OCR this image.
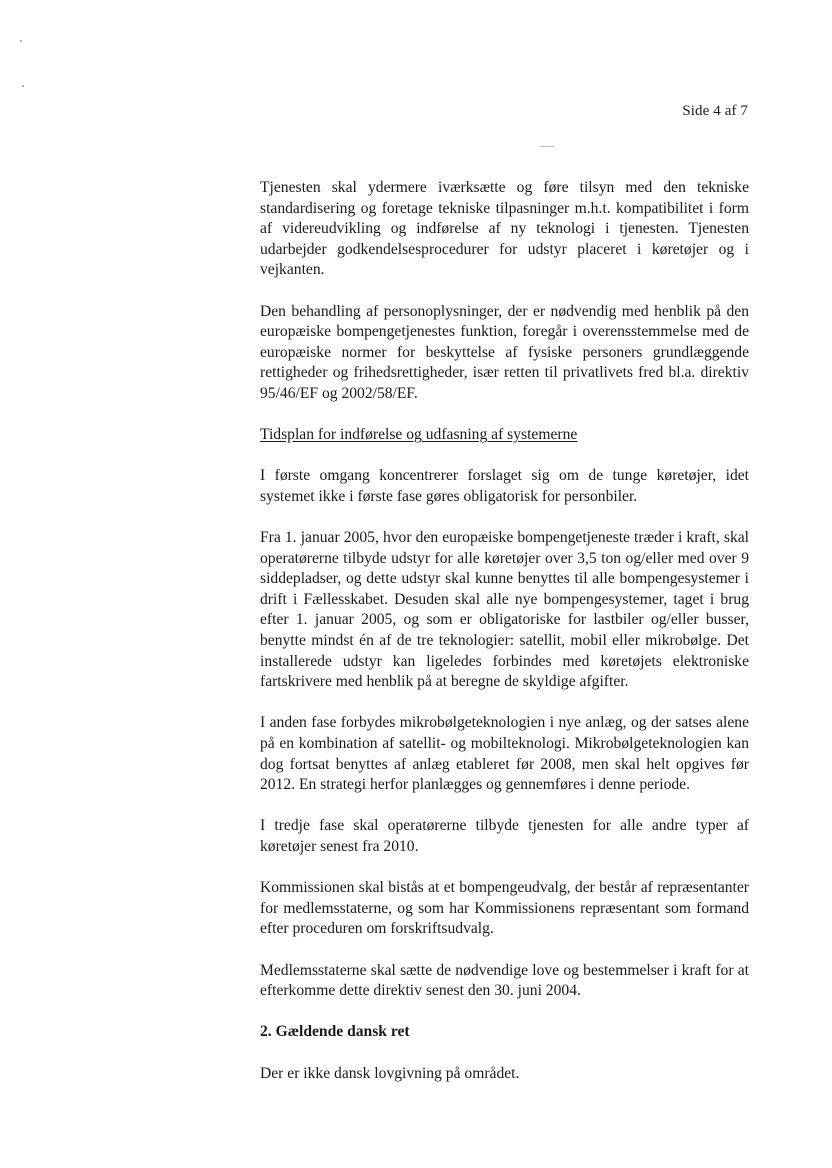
Side 4 af 7

Tjenesten skal ydermere iværksætte og føre tilsyn med den tekniske standardisering og foretage tekniske tilpasninger m.h.t. kompatibilitet i form af videreudvikling og indførelse af ny teknologi i tjenesten. Tjenesten udarbejder godkendelsesprocedurer for udstyr placeret i køretøjer og i vejkanten.

Den behandling af personoplysninger, der er nødvendig med henblik på den europæiske bompengetjenestes funktion, foregår i overensstemmelse med de europæiske normer for beskyttelse af fysiske personers grundlæggende rettigheder og frihedsrettigheder, især retten til privatlivets fred bl.a. direktiv 95/46/EF og 2002/58/EF.

Tidsplan for indførelse og udfasning af systemerne

I første omgang koncentrerer forslaget sig om de tunge køretøjer, idet systemet ikke i første fase gøres obligatorisk for personbiler.

Fra 1. januar 2005, hvor den europæiske bompengetjeneste træder i kraft, skal operatørerne tilbyde udstyr for alle køretøjer over 3,5 ton og/eller med over 9 siddepladser, og dette udstyr skal kunne benyttes til alle bompengesystemer i drift i Fællesskabet. Desuden skal alle nye bompengesystemer, taget i brug efter 1. januar 2005, og som er obligatoriske for lastbiler og/eller busser, benytte mindst én af de tre teknologier: satellit, mobil eller mikrobølge. Det installerede udstyr kan ligeledes forbindes med køretøjets elektroniske fartskrivere med henblik på at beregne de skyldige afgifter.

I anden fase forbydes mikrobølgeteknologien i nye anlæg, og der satses alene på en kombination af satellit- og mobilteknologi. Mikrobølgeteknologien kan dog fortsat benyttes af anlæg etableret før 2008, men skal helt opgives før 2012. En strategi herfor planlægges og gennemføres i denne periode.

I tredje fase skal operatørerne tilbyde tjenesten for alle andre typer af køretøjer senest fra 2010.

Kommissionen skal bistås at et bompengeudvalg, der består af repræsentanter for medlemsstaterne, og som har Kommissionens repræsentant som formand efter proceduren om forskriftsudvalg.

Medlemsstaterne skal sætte de nødvendige love og bestemmelser i kraft for at efterkomme dette direktiv senest den 30. juni 2004.

2. Gældende dansk ret

Der er ikke dansk lovgivning på området.
